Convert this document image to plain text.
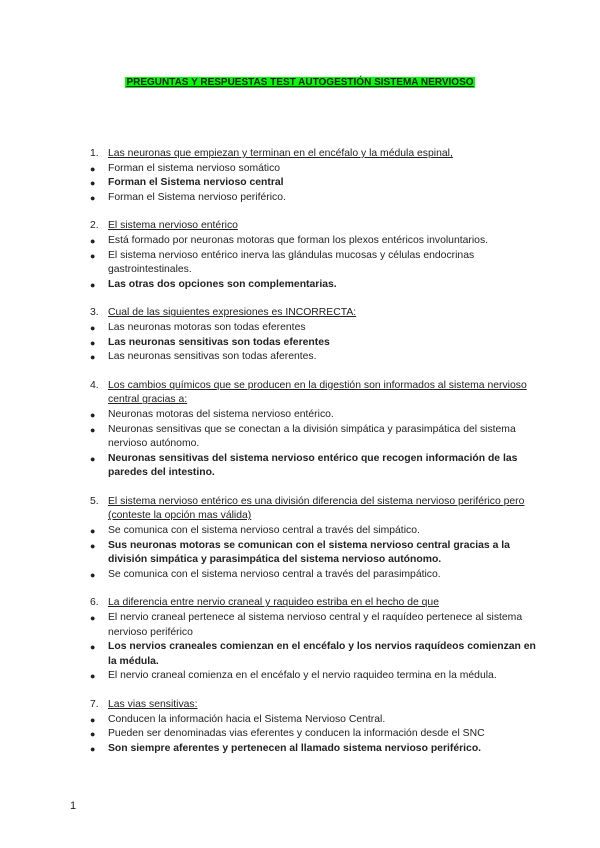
PREGUNTAS Y RESPUESTAS TEST AUTOGESTIÓN SISTEMA NERVIOSO
1. Las neuronas que empiezan y terminan en el encéfalo y la médula espinal,
●	Forman el sistema nervioso somático
●	Forman el Sistema nervioso central
●	Forman el Sistema nervioso periférico.
2. El sistema nervioso entérico
●	Está formado por neuronas motoras que forman los plexos entéricos involuntarios.
●	El sistema nervioso entérico inerva las glándulas mucosas y células endocrinas gastrointestinales.
●	Las otras dos opciones son complementarias.
3. Cual de las siguientes expresiones es INCORRECTA:
●	Las neuronas motoras son todas eferentes
●	Las neuronas sensitivas son todas eferentes
●	Las neuronas sensitivas son todas aferentes.
4. Los cambios químicos que se producen en la digestión son informados al sistema nervioso central gracias a:
●	Neuronas motoras del sistema nervioso entérico.
●	Neuronas sensitivas que se conectan a la división simpática y parasimpática del sistema nervioso autónomo.
●	Neuronas sensitivas del sistema nervioso entérico que recogen información de las paredes del intestino.
5. El sistema nervioso entérico es una división diferencia del sistema nervioso periférico pero (conteste la opción mas válida)
●	Se comunica con el sistema nervioso central a través del simpático.
●	Sus neuronas motoras se comunican con el sistema nervioso central gracias a la división simpática y parasimpática del sistema nervioso autónomo.
●	Se comunica con el sistema nervioso central a través del parasimpático.
6. La diferencia entre nervio craneal y raquideo estriba en el hecho de que
●	El nervio craneal pertenece al sistema nervioso central y el raquídeo pertenece al sistema nervioso periférico
●	Los nervios craneales comienzan en el encéfalo y los nervios raquídeos comienzan en la médula.
●	El nervio craneal comienza en el encéfalo y el nervio raquideo termina en la médula.
7. Las vias sensitivas:
●	Conducen la información hacia el Sistema Nervioso Central.
●	Pueden ser denominadas vias eferentes y conducen la información desde el SNC
●	Son siempre aferentes y pertenecen al llamado sistema nervioso periférico.
1
